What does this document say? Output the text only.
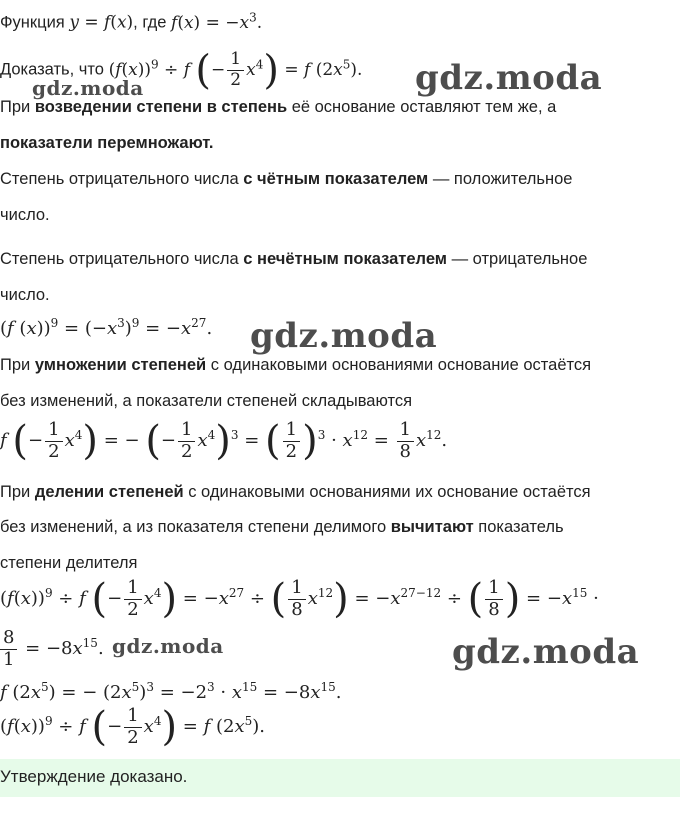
Функция y = f(x), где $f(x) = -x^3$.
Доказать, что $(f(x))^9 \div f$ (− $\frac{1}{2} x^4) = f$ $(2x^5)$.
gdz.moda	gdz.moda
При возведении степени в степень её основание оставляют тем же, а
показатели перемножают.
Степень отрицательного числа с чётным показателем — положительное
число.
Степень отрицательного числа с нечётным показателем — отрицательное
число.
(f $(x))^9 = (-x^3)^9 = -x^{27}$. gdz.moda
При умножении степеней с одинаковыми основаниями основание остаётся
без изменений, а показатели степеней складываются
f (− $\frac{1}{2} x^4$) = − (− $\frac{1}{2} x^4)^3$ = ( $\frac{1}{2} )^3 \cdot x^{12} = \frac{1}{8} x^{12}$.
При делении степеней с одинаковыми основаниями их основание остаётся
без изменений, а из показателя степени делимого вычитают показатель
степени делителя
$(f(x))^9 \div f$ (− $\frac{1}{2} x^4) = -x^{27}$ ÷ ( $\frac{1}{8} x^{12}) = -x^{27-12}$ ÷ ( $\frac{1}{8}$ ) = $-x^{15}$ ·
$\frac{8}{1} = -8x^{15}$. gdz.moda	gdz.moda
f $(2x^5)$ = − $(2x^5)^3 = -2^3 \cdot x^{15} = -8x^{15}$.
$(f(x))^9 \div f$ (− $\frac{1}{2} x^4) = f$ $(2x^5)$.
Утверждение доказано.
